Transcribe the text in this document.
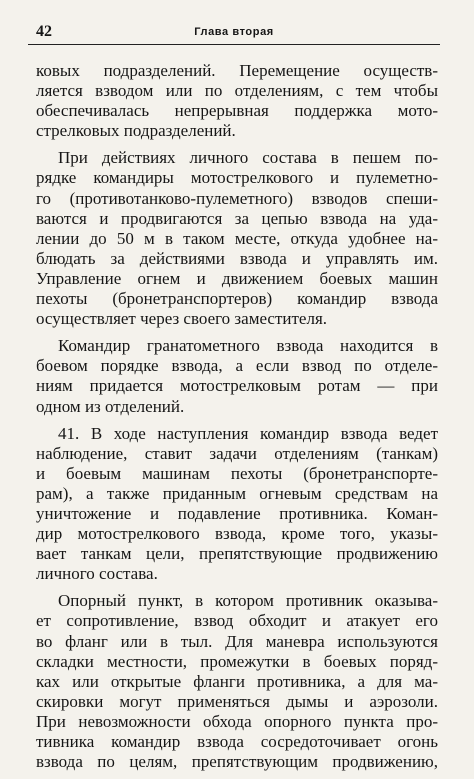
42	Глава вторая

ковых подразделений. Перемещение осуществ-
ляется взводом или по отделениям, с тем чтобы
обеспечивалась непрерывная поддержка мото-
стрелковых подразделений.

При действиях личного состава в пешем по-
рядке командиры мотострелкового и пулеметно-
го (противотанково-пулеметного) взводов спеши-
ваются и продвигаются за цепью взвода на уда-
лении до 50 м в таком месте, откуда удобнее на-
блюдать за действиями взвода и управлять им.
Управление огнем и движением боевых машин
пехоты (бронетранспортеров) командир взвода
осуществляет через своего заместителя.

Командир гранатометного взвода находится в
боевом порядке взвода, а если взвод по отделе-
ниям придается мотострелковым ротам — при
одном из отделений.

41. В ходе наступления командир взвода ведет
наблюдение, ставит задачи отделениям (танкам)
и боевым машинам пехоты (бронетранспорте-
рам), а также приданным огневым средствам на
уничтожение и подавление противника. Коман-
дир мотострелкового взвода, кроме того, указы-
вает танкам цели, препятствующие продвижению
личного состава.

Опорный пункт, в котором противник оказыва-
ет сопротивление, взвод обходит и атакует его
во фланг или в тыл. Для маневра используются
складки местности, промежутки в боевых поряд-
ках или открытые фланги противника, а для ма-
скировки могут применяться дымы и аэрозоли.
При невозможности обхода опорного пункта про-
тивника командир взвода сосредоточивает огонь
взвода по целям, препятствующим продвижению,
